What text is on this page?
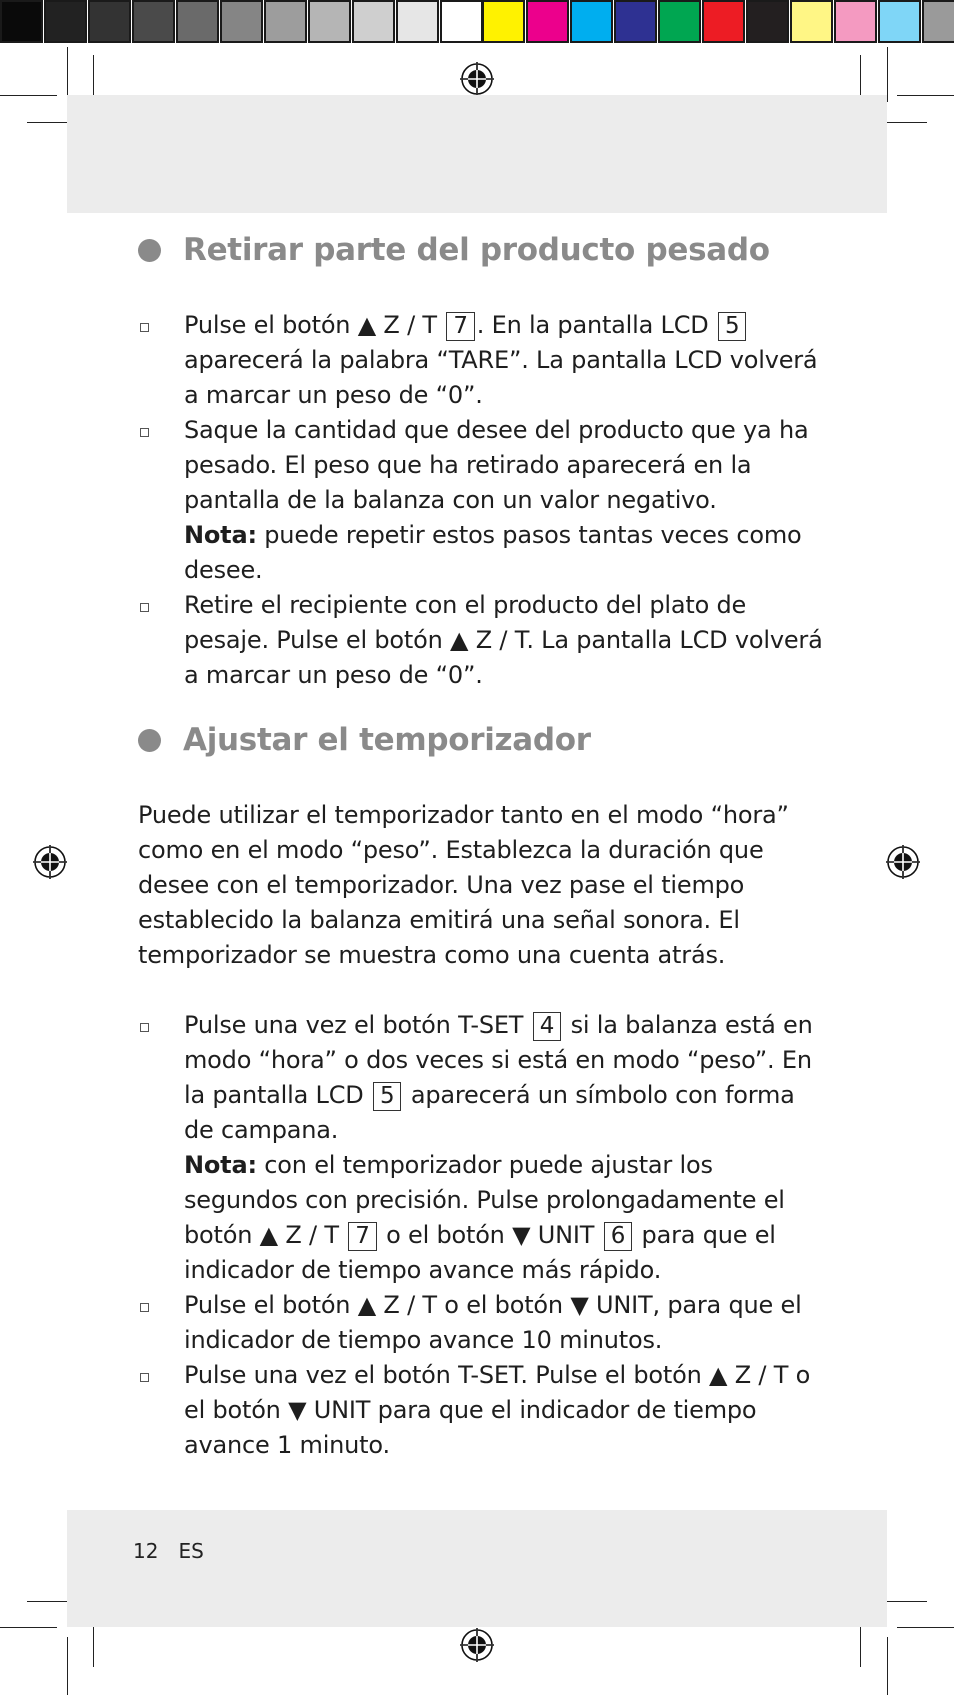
Retirar parte del producto pesado
Pulse el botón ▲ Z / T 7 . En la pantalla LCD 5 aparecerá la palabra “TARE”. La pantalla LCD volverá a marcar un peso de “0”.
Saque la cantidad que desee del producto que ya ha pesado. El peso que ha retirado aparecerá en la pantalla de la balanza con un valor negativo.
Nota: puede repetir estos pasos tantas veces como desee.
Retire el recipiente con el producto del plato de pesaje. Pulse el botón ▲ Z / T. La pantalla LCD volverá a marcar un peso de “0”.
Ajustar el temporizador

Puede utilizar el temporizador tanto en el modo “hora” como en el modo “peso”. Establezca la duración que desee con el temporizador. Una vez pase el tiempo establecido la balanza emitirá una señal sonora. El temporizador se muestra como una cuenta atrás.

Pulse una vez el botón T-SET 4 si la balanza está en modo “hora” o dos veces si está en modo “peso”. En la pantalla LCD 5 aparecerá un símbolo con forma de campana.
Nota: con el temporizador puede ajustar los segundos con precisión. Pulse prolongadamente el botón ▲ Z / T 7 o el botón ▼ UNIT 6 para que el indicador de tiempo avance más rápido.
Pulse el botón ▲ Z / T o el botón ▼ UNIT, para que el indicador de tiempo avance 10 minutos.
Pulse una vez el botón T-SET. Pulse el botón ▲ Z / T o el botón ▼ UNIT para que el indicador de tiempo avance 1 minuto.
12 ES
